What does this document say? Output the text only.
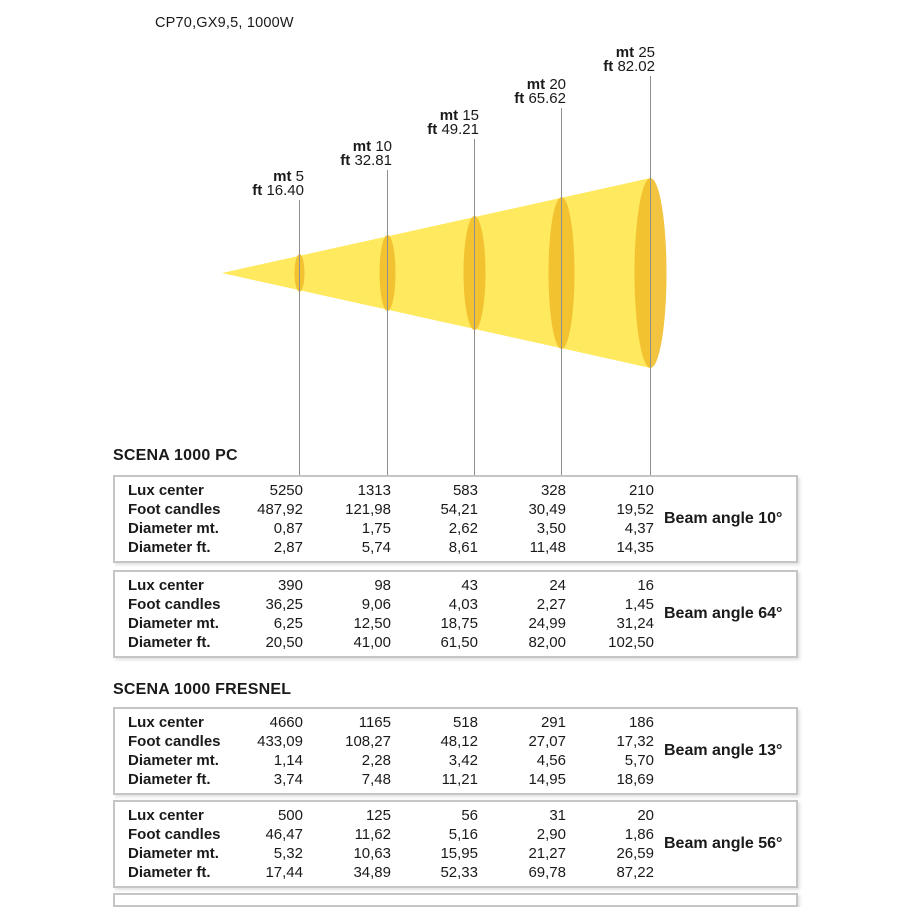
CP70,GX9,5, 1000W
mt 5
ft 16.40
mt 10
ft 32.81
mt 15
ft 49.21
mt 20
ft 65.62
mt 25
ft 82.02
SCENA 1000 PC
Lux center	5250	1313	583	328	210
Foot candles	487,92	121,98	54,21	30,49	19,52
Diameter mt.	0,87	1,75	2,62	3,50	4,37
Diameter ft.	2,87	5,74	8,61	11,48	14,35
Beam angle 10°
Lux center	390	98	43	24	16
Foot candles	36,25	9,06	4,03	2,27	1,45
Diameter mt.	6,25	12,50	18,75	24,99	31,24
Diameter ft.	20,50	41,00	61,50	82,00	102,50
Beam angle 64°
SCENA 1000 FRESNEL
Lux center	4660	1165	518	291	186
Foot candles	433,09	108,27	48,12	27,07	17,32
Diameter mt.	1,14	2,28	3,42	4,56	5,70
Diameter ft.	3,74	7,48	11,21	14,95	18,69
Beam angle 13°
Lux center	500	125	56	31	20
Foot candles	46,47	11,62	5,16	2,90	1,86
Diameter mt.	5,32	10,63	15,95	21,27	26,59
Diameter ft.	17,44	34,89	52,33	69,78	87,22
Beam angle 56°
